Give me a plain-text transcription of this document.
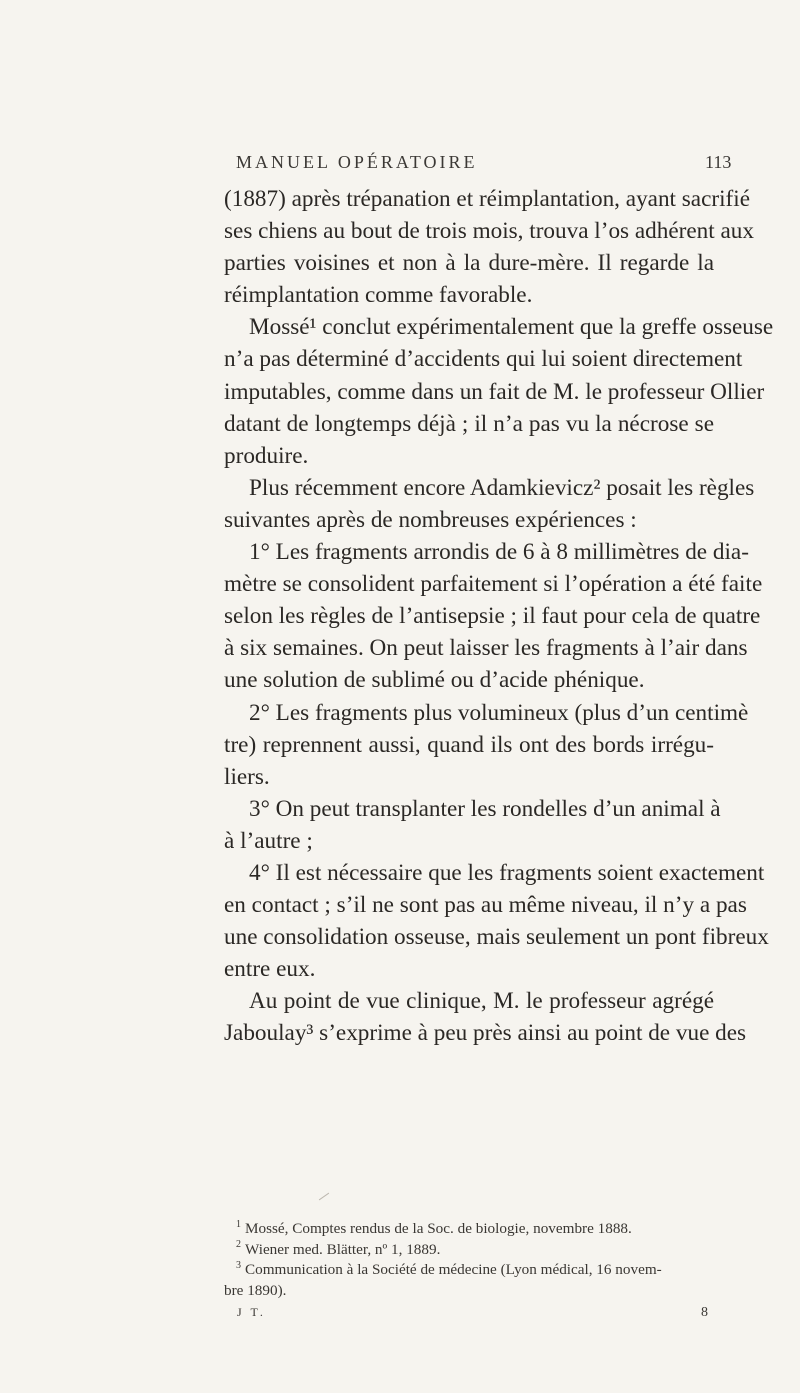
MANUEL OPÉRATOIRE	113
(1887) après trépanation et réimplantation, ayant sacrifié
ses chiens au bout de trois mois, trouva l’os adhérent aux
parties voisines et non à la dure-mère. Il regarde la
réimplantation comme favorable.
Mossé¹ conclut expérimentalement que la greffe osseuse
n’a pas déterminé d’accidents qui lui soient directement
imputables, comme dans un fait de M. le professeur Ollier
datant de longtemps déjà ; il n’a pas vu la nécrose se
produire.
Plus récemment encore Adamkievicz² posait les règles
suivantes après de nombreuses expériences :
1° Les fragments arrondis de 6 à 8 millimètres de dia-
mètre se consolident parfaitement si l’opération a été faite
selon les règles de l’antisepsie ; il faut pour cela de quatre
à six semaines. On peut laisser les fragments à l’air dans
une solution de sublimé ou d’acide phénique.
2° Les fragments plus volumineux (plus d’un centimè
tre) reprennent aussi, quand ils ont des bords irrégu-
liers.
3° On peut transplanter les rondelles d’un animal à
à l’autre ;
4° Il est nécessaire que les fragments soient exactement
en contact ; s’il ne sont pas au même niveau, il n’y a pas
une consolidation osseuse, mais seulement un pont fibreux
entre eux.
Au point de vue clinique, M. le professeur agrégé
Jaboulay³ s’exprime à peu près ainsi au point de vue des
$^1$ Mossé, Comptes rendus de la Soc. de biologie, novembre 1888.
$^2$ Wiener med. Blätter, nº 1, 1889.
$^3$ Communication à la Société de médecine (Lyon médical, 16 novem-
bre 1890).
J T.	8
